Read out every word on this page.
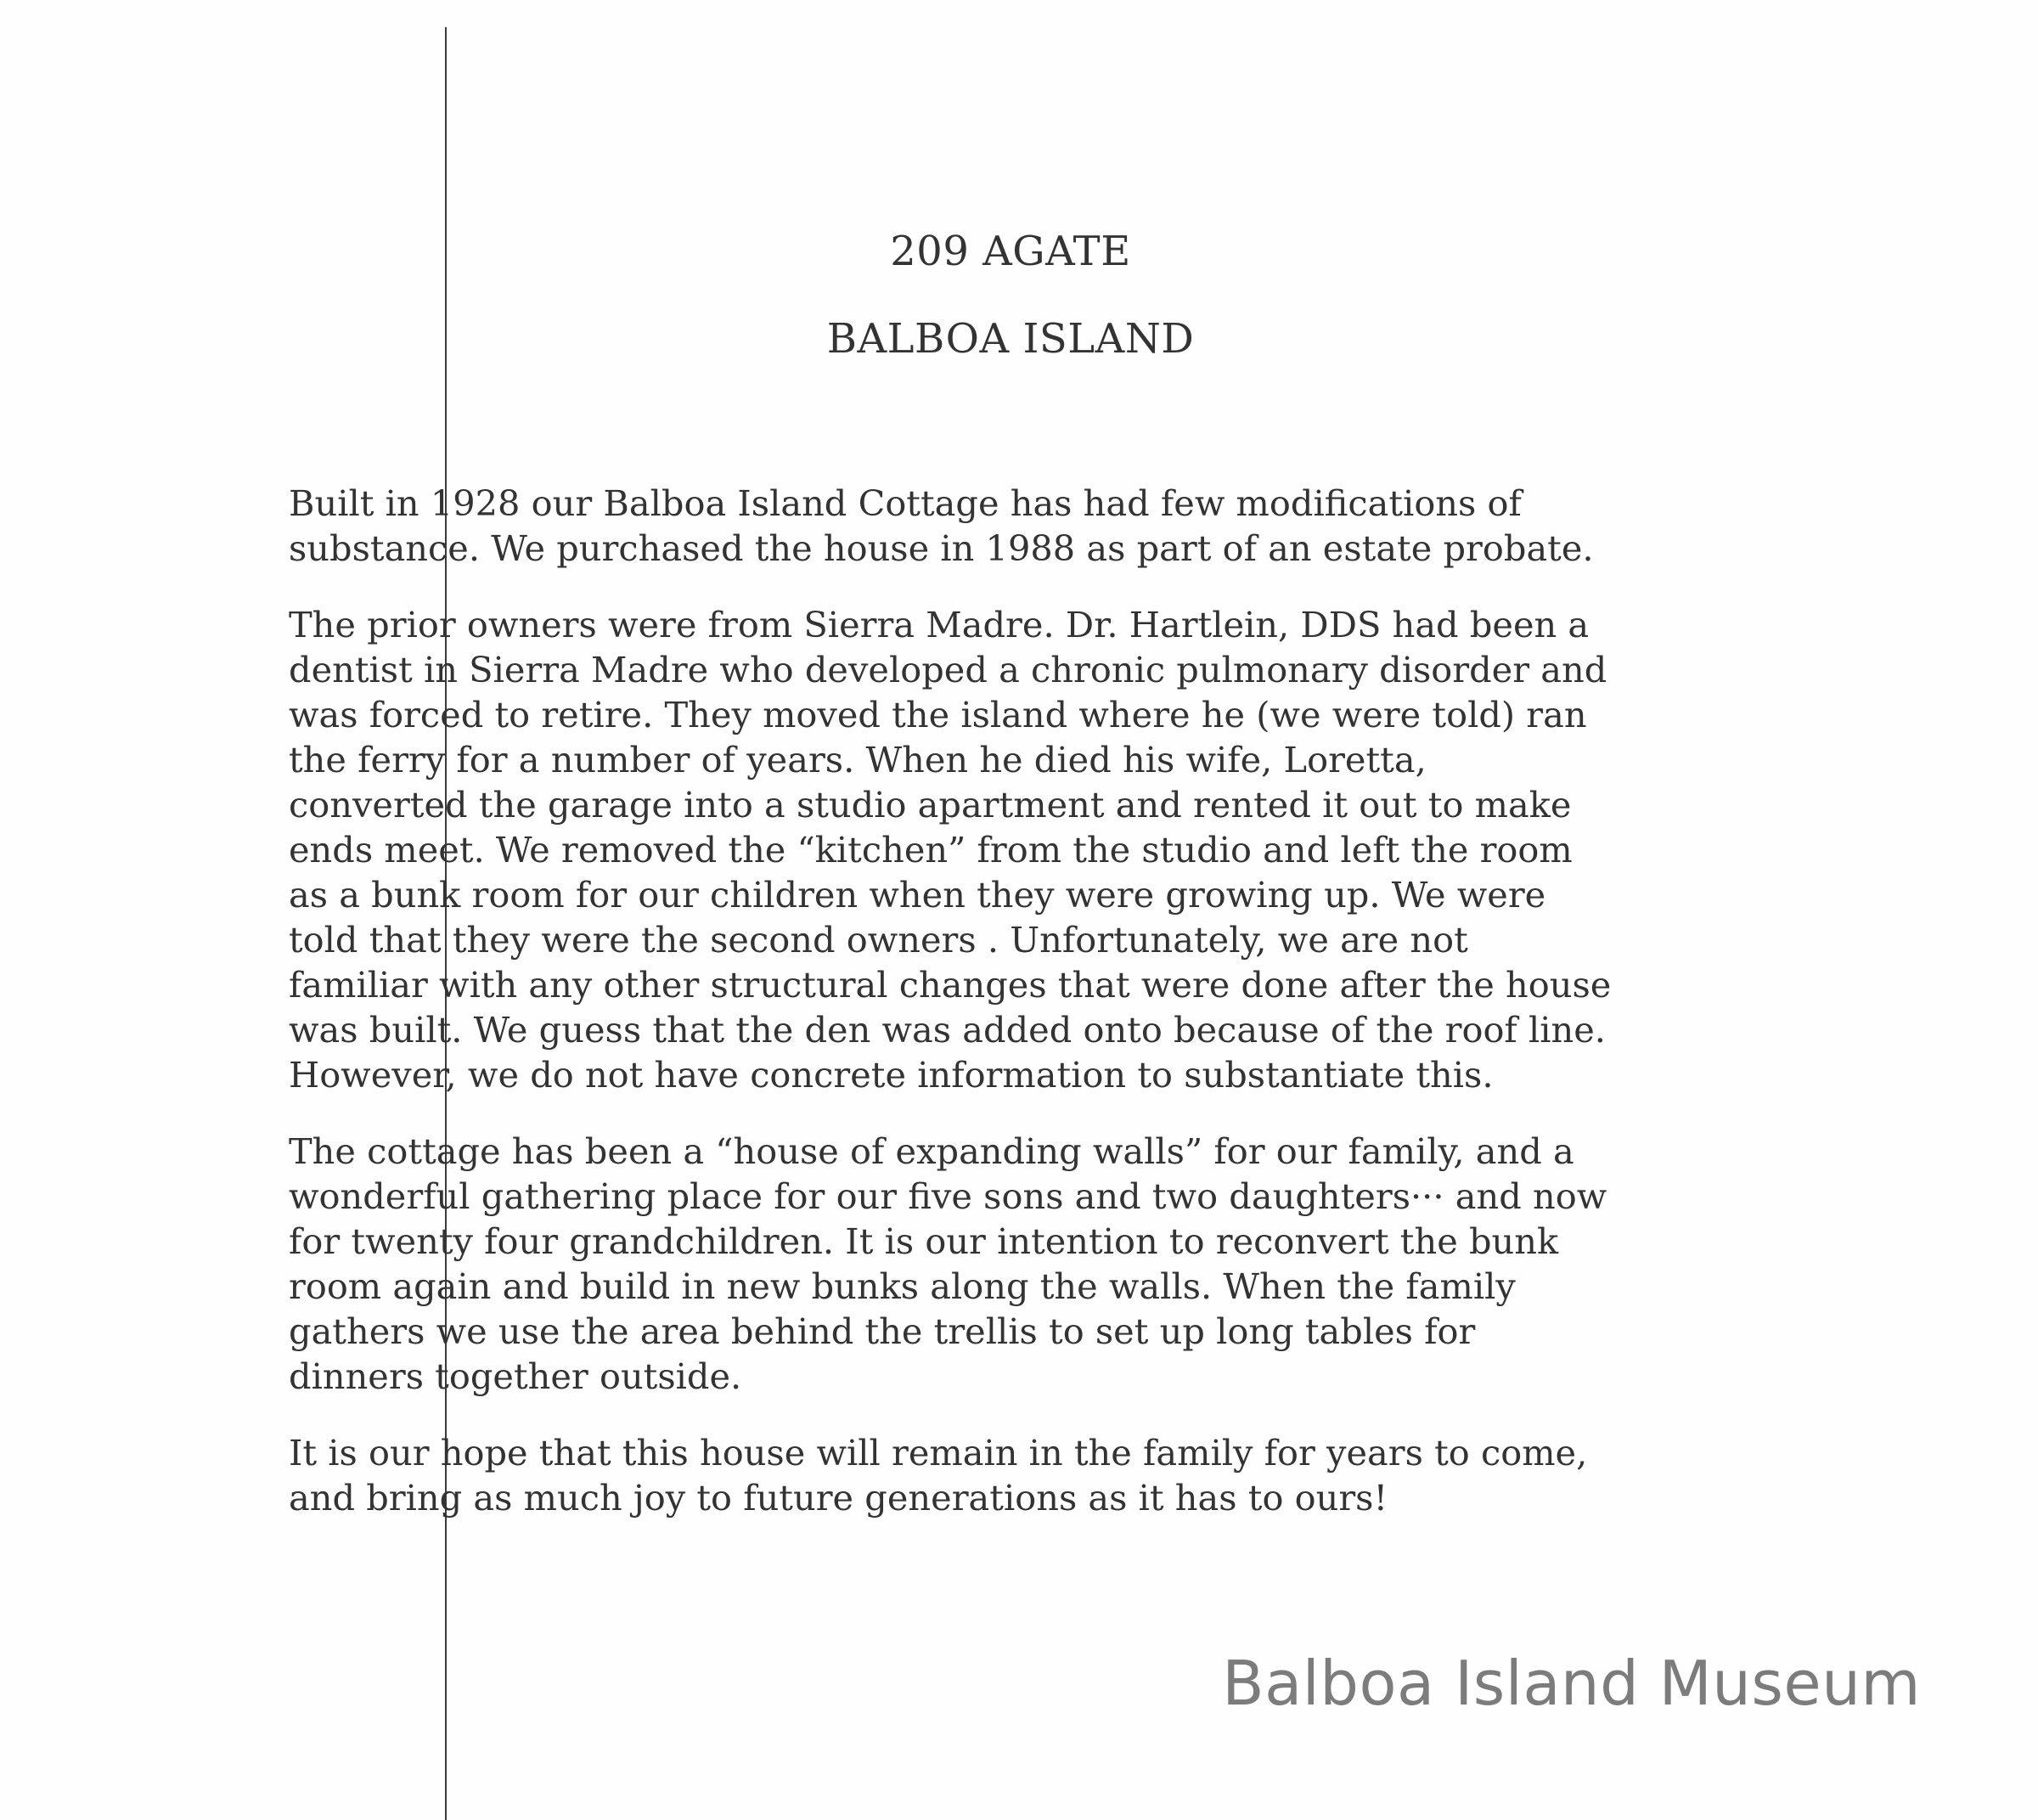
209 AGATE
BALBOA ISLAND
Built in 1928 our Balboa Island Cottage has had few modifications of
substance. We purchased the house in 1988 as part of an estate probate.
The prior owners were from Sierra Madre. Dr. Hartlein, DDS had been a
dentist in Sierra Madre who developed a chronic pulmonary disorder and
was forced to retire. They moved the island where he (we were told) ran
the ferry for a number of years. When he died his wife, Loretta,
converted the garage into a studio apartment and rented it out to make
ends meet. We removed the “kitchen” from the studio and left the room
as a bunk room for our children when they were growing up. We were
told that they were the second owners . Unfortunately, we are not
familiar with any other structural changes that were done after the house
was built. We guess that the den was added onto because of the roof line.
However, we do not have concrete information to substantiate this.
The cottage has been a “house of expanding walls” for our family, and a
wonderful gathering place for our five sons and two daughters··· and now
for twenty four grandchildren. It is our intention to reconvert the bunk
room again and build in new bunks along the walls. When the family
gathers we use the area behind the trellis to set up long tables for
dinners together outside.
It is our hope that this house will remain in the family for years to come,
and bring as much joy to future generations as it has to ours!
Balboa Island Museum
